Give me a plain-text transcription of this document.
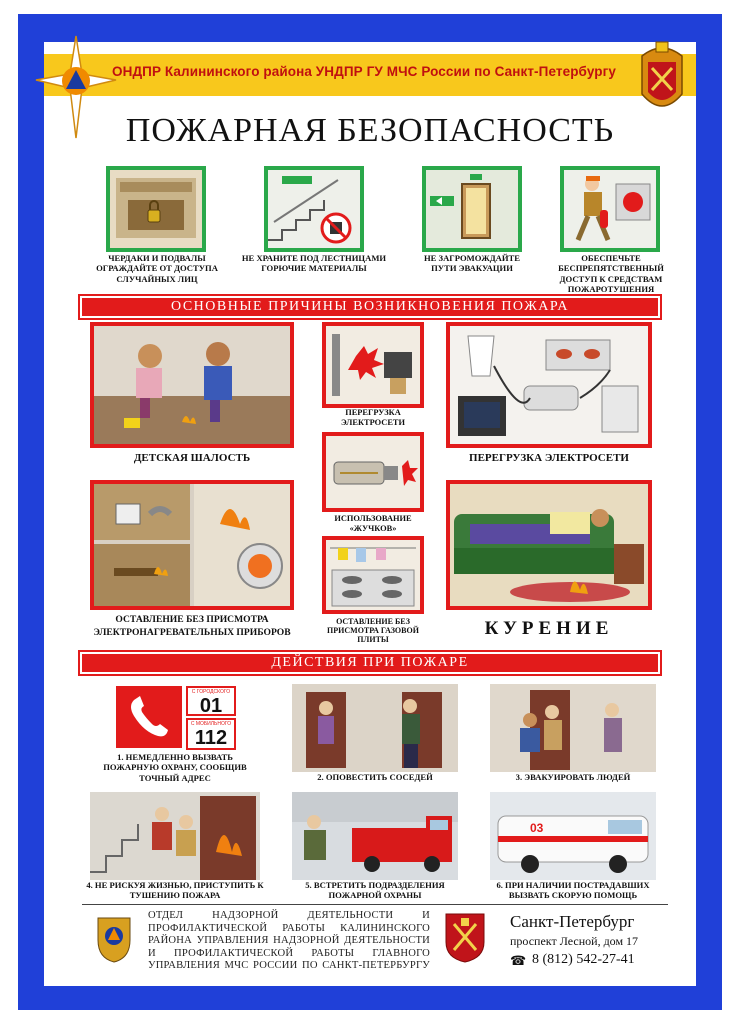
ОНДПР Калининского района УНДПР ГУ МЧС России по Санкт-Петербургу
ПОЖАРНАЯ БЕЗОПАСНОСТЬ
ЧЕРДАКИ И ПОДВАЛЫ ОГРАЖДАЙТЕ ОТ ДОСТУПА СЛУЧАЙНЫХ ЛИЦ
НЕ ХРАНИТЕ ПОД ЛЕСТНИЦАМИ ГОРЮЧИЕ МАТЕРИАЛЫ
НЕ ЗАГРОМОЖДАЙТЕ ПУТИ ЭВАКУАЦИИ
ОБЕСПЕЧЬТЕ БЕСПРЕПЯТСТВЕННЫЙ ДОСТУП К СРЕДСТВАМ ПОЖАРОТУШЕНИЯ
ОСНОВНЫЕ ПРИЧИНЫ ВОЗНИКНОВЕНИЯ ПОЖАРА
ДЕТСКАЯ ШАЛОСТЬ
ПЕРЕГРУЗКА ЭЛЕКТРОСЕТИ
ИСПОЛЬЗОВАНИЕ «ЖУЧКОВ»
ОСТАВЛЕНИЕ БЕЗ ПРИСМОТРА ГАЗОВОЙ ПЛИТЫ
ПЕРЕГРУЗКА ЭЛЕКТРОСЕТИ
ОСТАВЛЕНИЕ БЕЗ ПРИСМОТРА ЭЛЕКТРОНАГРЕВАТЕЛЬНЫХ ПРИБОРОВ	КУРЕНИЕ
ДЕЙСТВИЯ ПРИ ПОЖАРЕ
С ГОРОДСКОГО
01
С МОБИЛЬНОГО
112
1. НЕМЕДЛЕННО ВЫЗВАТЬ ПОЖАРНУЮ ОХРАНУ, СООБЩИВ ТОЧНЫЙ АДРЕС	2. ОПОВЕСТИТЬ СОСЕДЕЙ	3. ЭВАКУИРОВАТЬ ЛЮДЕЙ
4. НЕ РИСКУЯ ЖИЗНЬЮ, ПРИСТУПИТЬ К ТУШЕНИЮ ПОЖАРА
5. ВСТРЕТИТЬ ПОДРАЗДЕЛЕНИЯ ПОЖАРНОЙ ОХРАНЫ
03
6. ПРИ НАЛИЧИИ ПОСТРАДАВШИХ ВЫЗВАТЬ СКОРУЮ ПОМОЩЬ
ОТДЕЛ НАДЗОРНОЙ ДЕЯТЕЛЬНОСТИ И ПРОФИЛАКТИЧЕСКОЙ РАБОТЫ КАЛИНИНСКОГО РАЙОНА УПРАВЛЕНИЯ НАДЗОРНОЙ ДЕЯТЕЛЬНОСТИ И ПРОФИЛАКТИЧЕСКОЙ РАБОТЫ ГЛАВНОГО УПРАВЛЕНИЯ МЧС РОССИИ ПО САНКТ-ПЕТЕРБУРГУ
Санкт-Петербург
проспект Лесной, дом 17
☎ 8 (812) 542-27-41
